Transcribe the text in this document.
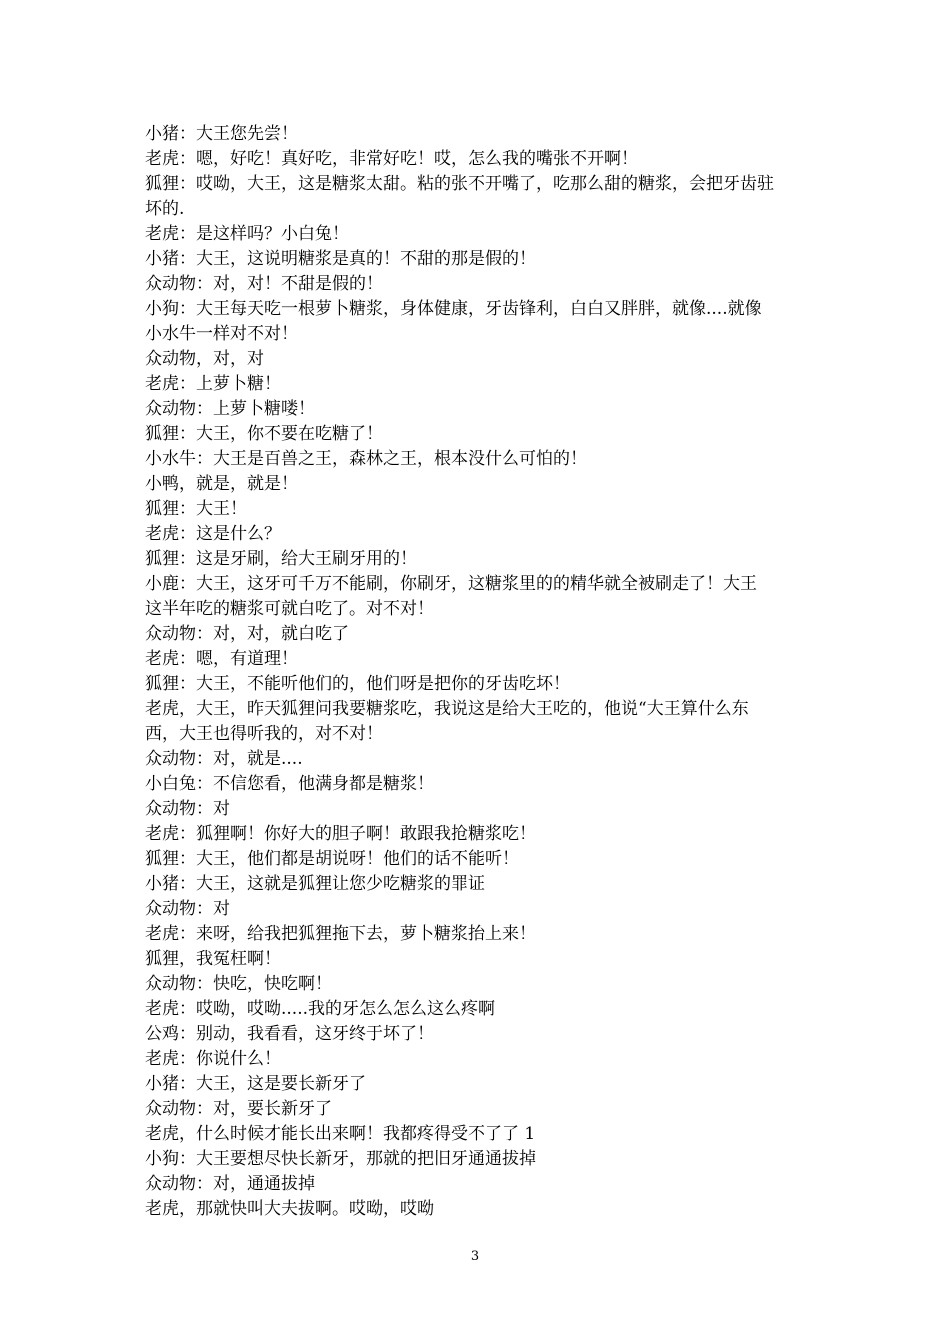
小猪：大王您先尝！
老虎：嗯，好吃！真好吃，非常好吃！哎，怎么我的嘴张不开啊！
狐狸：哎呦，大王，这是糖浆太甜。粘的张不开嘴了，吃那么甜的糖浆，会把牙齿驻
坏的.
老虎：是这样吗？小白兔！
小猪：大王，这说明糖浆是真的！不甜的那是假的！
众动物：对，对！不甜是假的！
小狗：大王每天吃一根萝卜糖浆，身体健康，牙齿锋利，白白又胖胖，就像....就像
小水牛一样对不对！
众动物，对，对
老虎：上萝卜糖！
众动物：上萝卜糖喽！
狐狸：大王，你不要在吃糖了！
小水牛：大王是百兽之王，森林之王，根本没什么可怕的！
小鸭，就是，就是！
狐狸：大王！
老虎：这是什么？
狐狸：这是牙刷，给大王刷牙用的！
小鹿：大王，这牙可千万不能刷，你刷牙，这糖浆里的的精华就全被刷走了！大王
这半年吃的糖浆可就白吃了。对不对！
众动物：对，对，就白吃了
老虎：嗯，有道理！
狐狸：大王，不能听他们的，他们呀是把你的牙齿吃坏！
老虎，大王，昨天狐狸问我要糖浆吃，我说这是给大王吃的，他说“大王算什么东
西，大王也得听我的，对不对！
众动物：对，就是....
小白兔：不信您看，他满身都是糖浆！
众动物：对
老虎：狐狸啊！你好大的胆子啊！敢跟我抢糖浆吃！
狐狸：大王，他们都是胡说呀！他们的话不能听！
小猪：大王，这就是狐狸让您少吃糖浆的罪证
众动物：对
老虎：来呀，给我把狐狸拖下去，萝卜糖浆抬上来！
狐狸，我冤枉啊！
众动物：快吃，快吃啊！
老虎：哎呦，哎呦.....我的牙怎么怎么这么疼啊
公鸡：别动，我看看，这牙终于坏了！
老虎：你说什么！
小猪：大王，这是要长新牙了
众动物：对，要长新牙了
老虎，什么时候才能长出来啊！我都疼得受不了了 1
小狗：大王要想尽快长新牙，那就的把旧牙通通拔掉
众动物：对，通通拔掉
老虎，那就快叫大夫拔啊。哎呦，哎呦
3
